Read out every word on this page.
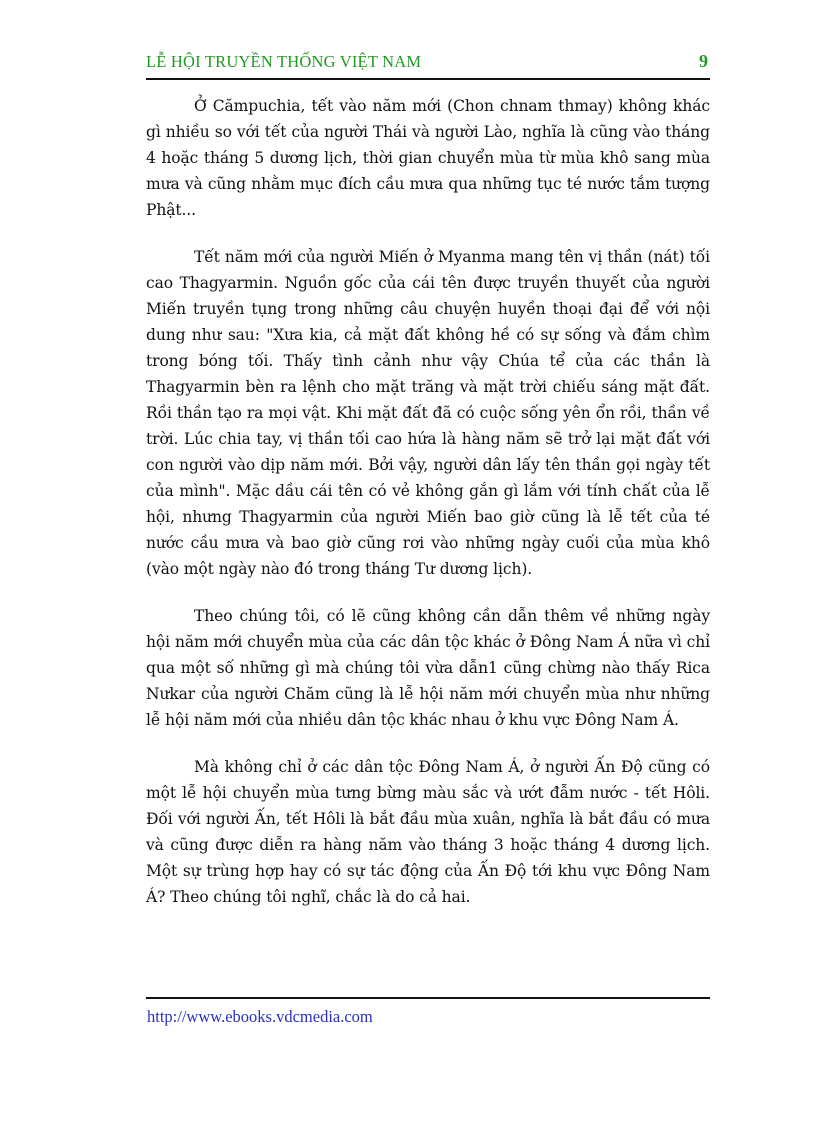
LỄ HỘI TRUYỀN THỐNG VIỆT NAM	9

Ở Cămpuchia, tết vào năm mới (Chon chnam thmay) không khác gì nhiều so với tết của người Thái và người Lào, nghĩa là cũng vào tháng 4 hoặc tháng 5 dương lịch, thời gian chuyển mùa từ mùa khô sang mùa mưa và cũng nhằm mục đích cầu mưa qua những tục té nước tắm tượng Phật...

Tết năm mới của người Miến ở Myanma mang tên vị thần (nát) tối cao Thagyarmin. Nguồn gốc của cái tên được truyền thuyết của người Miến truyền tụng trong những câu chuyện huyền thoại đại để với nội dung như sau: "Xưa kia, cả mặt đất không hề có sự sống và đắm chìm trong bóng tối. Thấy tình cảnh như vậy Chúa tể của các thần là Thagyarmin bèn ra lệnh cho mặt trăng và mặt trời chiếu sáng mặt đất. Rồi thần tạo ra mọi vật. Khi mặt đất đã có cuộc sống yên ổn rồi, thần về trời. Lúc chia tay, vị thần tối cao hứa là hàng năm sẽ trở lại mặt đất với con người vào dịp năm mới. Bởi vậy, người dân lấy tên thần gọi ngày tết của mình". Mặc dầu cái tên có vẻ không gắn gì lắm với tính chất của lễ hội, nhưng Thagyarmin của người Miến bao giờ cũng là lễ tết của té nước cầu mưa và bao giờ cũng rơi vào những ngày cuối của mùa khô (vào một ngày nào đó trong tháng Tư dương lịch).

Theo chúng tôi, có lẽ cũng không cần dẫn thêm về những ngày hội năm mới chuyển mùa của các dân tộc khác ở Đông Nam Á nữa vì chỉ qua một số những gì mà chúng tôi vừa dẫn1 cũng chừng nào thấy Rica Nưkar của người Chăm cũng là lễ hội năm mới chuyển mùa như những lễ hội năm mới của nhiều dân tộc khác nhau ở khu vực Đông Nam Á.

Mà không chỉ ở các dân tộc Đông Nam Á, ở người Ấn Độ cũng có một lễ hội chuyển mùa tưng bừng màu sắc và ướt đẫm nước - tết Hôli. Đối với người Ấn, tết Hôli là bắt đầu mùa xuân, nghĩa là bắt đầu có mưa và cũng được diễn ra hàng năm vào tháng 3 hoặc tháng 4 dương lịch. Một sự trùng hợp hay có sự tác động của Ấn Độ tới khu vực Đông Nam Á? Theo chúng tôi nghĩ, chắc là do cả hai.

http://www.ebooks.vdcmedia.com
